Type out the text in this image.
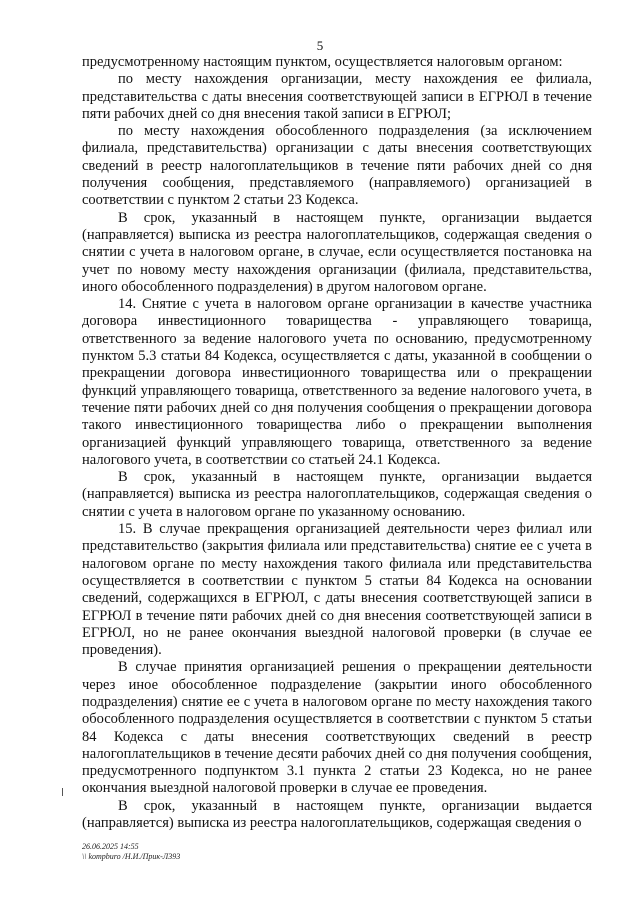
5

предусмотренному настоящим пунктом, осуществляется налоговым органом:

по месту нахождения организации, месту нахождения ее филиала, представительства с даты внесения соответствующей записи в ЕГРЮЛ в течение пяти рабочих дней со дня внесения такой записи в ЕГРЮЛ;

по месту нахождения обособленного подразделения (за исключением филиала, представительства) организации с даты внесения соответствующих сведений в реестр налогоплательщиков в течение пяти рабочих дней со дня получения сообщения, представляемого (направляемого) организацией в соответствии с пунктом 2 статьи 23 Кодекса.

В срок, указанный в настоящем пункте, организации выдается (направляется) выписка из реестра налогоплательщиков, содержащая сведения о снятии с учета в налоговом органе, в случае, если осуществляется постановка на учет по новому месту нахождения организации (филиала, представительства, иного обособленного подразделения) в другом налоговом органе.

14. Снятие с учета в налоговом органе организации в качестве участника договора инвестиционного товарищества - управляющего товарища, ответственного за ведение налогового учета по основанию, предусмотренному пунктом 5.3 статьи 84 Кодекса, осуществляется с даты, указанной в сообщении о прекращении договора инвестиционного товарищества или о прекращении функций управляющего товарища, ответственного за ведение налогового учета, в течение пяти рабочих дней со дня получения сообщения о прекращении договора такого инвестиционного товарищества либо о прекращении выполнения организацией функций управляющего товарища, ответственного за ведение налогового учета, в соответствии со статьей 24.1 Кодекса.

В срок, указанный в настоящем пункте, организации выдается (направляется) выписка из реестра налогоплательщиков, содержащая сведения о снятии с учета в налоговом органе по указанному основанию.

15. В случае прекращения организацией деятельности через филиал или представительство (закрытия филиала или представительства) снятие ее с учета в налоговом органе по месту нахождения такого филиала или представительства осуществляется в соответствии с пунктом 5 статьи 84 Кодекса на основании сведений, содержащихся в ЕГРЮЛ, с даты внесения соответствующей записи в ЕГРЮЛ в течение пяти рабочих дней со дня внесения соответствующей записи в ЕГРЮЛ, но не ранее окончания выездной налоговой проверки (в случае ее проведения).

В случае принятия организацией решения о прекращении деятельности через иное обособленное подразделение (закрытии иного обособленного подразделения) снятие ее с учета в налоговом органе по месту нахождения такого обособленного подразделения осуществляется в соответствии с пунктом 5 статьи 84 Кодекса с даты внесения соответствующих сведений в реестр налогоплательщиков в течение десяти рабочих дней со дня получения сообщения, предусмотренного подпунктом 3.1 пункта 2 статьи 23 Кодекса, но не ранее окончания выездной налоговой проверки в случае ее проведения.

В срок, указанный в настоящем пункте, организации выдается (направляется) выписка из реестра налогоплательщиков, содержащая сведения о

26.06.2025 14:55
\\ kompburo /Н.И./Прик-Л393
